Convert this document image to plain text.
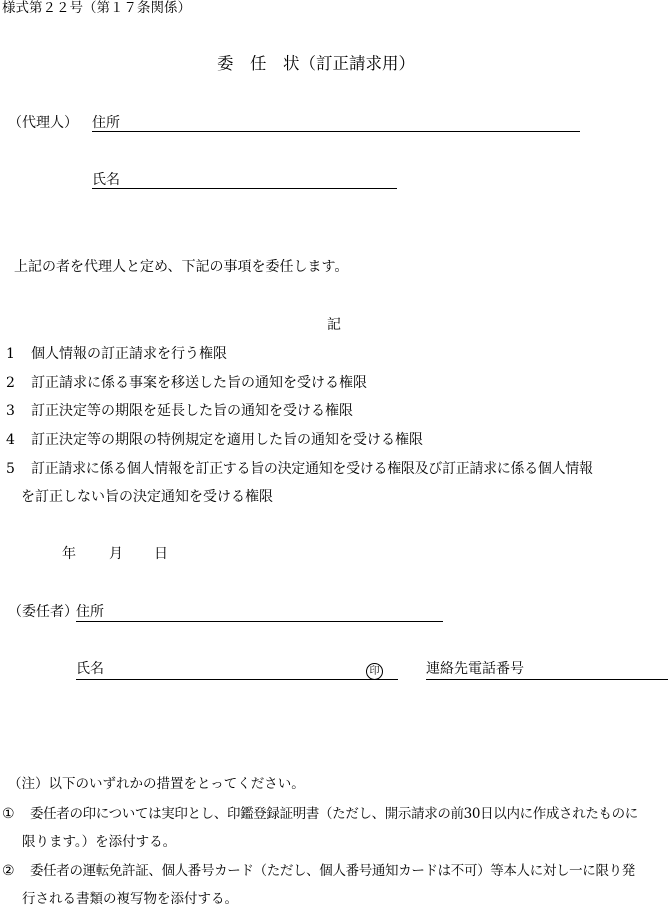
様式第２２号（第１７条関係）
委　任　状（訂正請求用）
（代理人） 住所
氏名
上記の者を代理人と定め、下記の事項を委任します。
記
1 個人情報の訂正請求を行う権限
2 訂正請求に係る事案を移送した旨の通知を受ける権限
3 訂正決定等の期限を延長した旨の通知を受ける権限
4 訂正決定等の期限の特例規定を適用した旨の通知を受ける権限
5 訂正請求に係る個人情報を訂正する旨の決定通知を受ける権限及び訂正請求に係る個人情報
を訂正しない旨の決定通知を受ける権限
年 月 日
（委任者）
住所
氏名	印	連絡先電話番号
（注）以下のいずれかの措置をとってください。
① 委任者の印については実印とし、印鑑登録証明書（ただし、開示請求の前30日以内に作成されたものに
限ります。）を添付する。
② 委任者の運転免許証、個人番号カード（ただし、個人番号通知カードは不可）等本人に対し一に限り発
行される書類の複写物を添付する。
